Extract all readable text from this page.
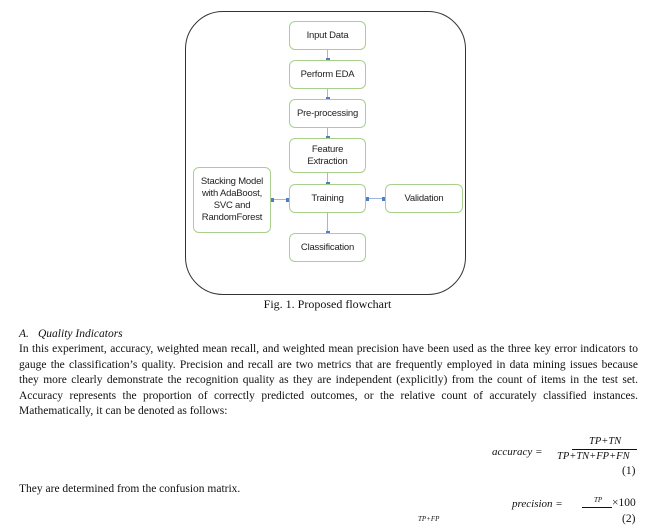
Input Data
Perform EDA
Pre-processing
Feature Extraction
Training
Classification
Stacking Model with AdaBoost, SVC and RandomForest
Validation
Fig. 1. Proposed flowchart
A. Quality Indicators
In this experiment, accuracy, weighted mean recall, and weighted mean precision have been used as the three key error indicators to
gauge the classification’s quality. Precision and recall are two metrics that are frequently employed in data mining issues because
they more clearly demonstrate the recognition quality as they are independent (explicitly) from the count of items in the test set.
Accuracy represents the proportion of correctly predicted outcomes, or the relative count of accurately classified instances.
Mathematically, it can be denoted as follows:
accuracy =
TP+TN
TP+TN+FP+FN
(1)
They are determined from the confusion matrix.
precision =	TP ×100
TP+FP	(2)
